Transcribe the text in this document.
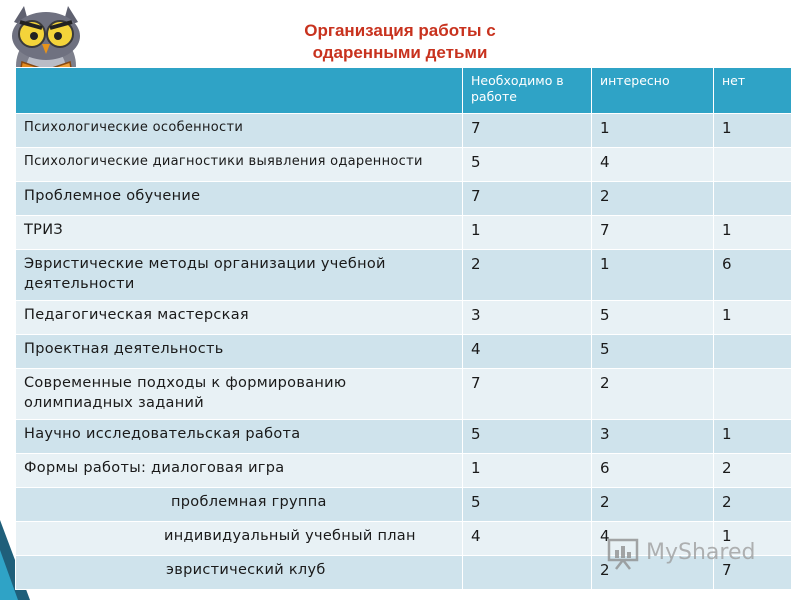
Организация работы с
одаренными детьми
	Необходимо в работе	интересно	нет
Психологические особенности	7	1	1
Психологические диагностики выявления одаренности	5	4	
Проблемное обучение	7	2	
ТРИЗ	1	7	1
Эвристические методы организации учебной деятельности	2	1	6
Педагогическая мастерская	3	5	1
Проектная деятельность	4	5	
Современные подходы к формированию олимпиадных заданий	7	2	
Научно исследовательская работа	5	3	1
Формы работы: диалоговая игра	1	6	2
проблемная группа	5	2	2
индивидуальный учебный план	4	4	1
эвристический клуб		2	7
MyShared
